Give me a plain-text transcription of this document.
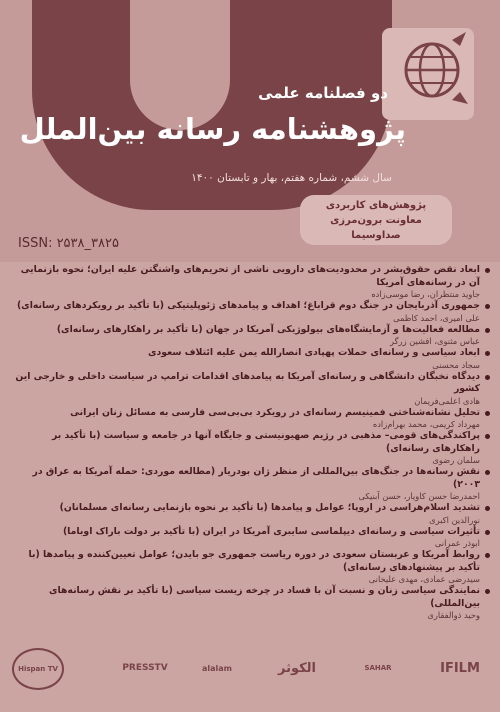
دو فصلنامه علمی
پژوهشنامه رسانه بین‌الملل
سال ششم، شماره هفتم، بهار و تابستان ۱۴۰۰
پژوهش‌های کاربردی
معاونت برون‌مرزی
صداوسیما
ISSN: ۲۵۳۸_۳۸۲۵
ابعاد نقض حقوق‌بشر در محدودیت‌های دارویی ناشی از تحریم‌های واشنگتن علیه ایران؛ نحوه بازنمایی آن در رسانه‌های آمریکا
جاوید منتظران، رضا موسی‌زاده
جمهوری آذربایجان در جنگ دوم قراباغ؛ اهداف و پیامدهای ژئوپلیتیکی (با تأکید بر رویکردهای رسانه‌ای)
علی امیری، احمد کاظمی
مطالعه فعالیت‌ها و آزمایشگاه‌های بیولوژیکی آمریکا در جهان (با تأکید بر راهکارهای رسانه‌ای)
عباس مثنوی، افشین زرگر
ابعاد سیاسی و رسانه‌ای حملات پهپادی انصارالله یمن علیه ائتلاف سعودی
سجاد محسنی
دیدگاه نخبگان دانشگاهی و رسانه‌ای آمریکا به پیامدهای اقدامات ترامپ در سیاست داخلی و خارجی این کشور
هادی اعلمی‌فریمان
تحلیل نشانه‌شناختی فمینیسم رسانه‌ای در رویکرد بی‌بی‌سی فارسی به مسائل زنان ایرانی
مهرداد کریمی، محمد بهرام‌زاده
پراکندگی‌های قومی– مذهبی در رژیم صهیونیستی و جایگاه آنها در جامعه و سیاست (با تأکید بر راهکارهای رسانه‌ای)
سلمان رضوی
نقش رسانه‌ها در جنگ‌های بین‌المللی از منظر ژان بودریار (مطالعه موردی: حمله آمریکا به عراق در ۲۰۰۳)
احمدرضا حسن کاویار، حسن آبنیکی
تشدید اسلام‌هراسی در اروپا؛ عوامل و پیامدها (با تأکید بر نحوه بازنمایی رسانه‌ای مسلمانان)
نورالدین اکبری
تأثیرات سیاسی و رسانه‌ای دیپلماسی سایبری آمریکا در ایران (با تأکید بر دولت باراک اوباما)
ابوذر عمرانی
روابط آمریکا و عربستان سعودی در دوره ریاست جمهوری جو بایدن؛ عوامل تعیین‌کننده و پیامدها (با تأکید بر پیشنهادهای رسانه‌ای)
سیدرضی عمادی، مهدی علیخانی
نمایندگی سیاسی زنان و نسبت آن با فساد در چرخه زیست سیاسی (با تأکید بر نقش رسانه‌های بین‌المللی)
وحید ذوالفقاری
Hispan TV	PRESSTV	alalam	الكوثر	SAHAR	IFILM
